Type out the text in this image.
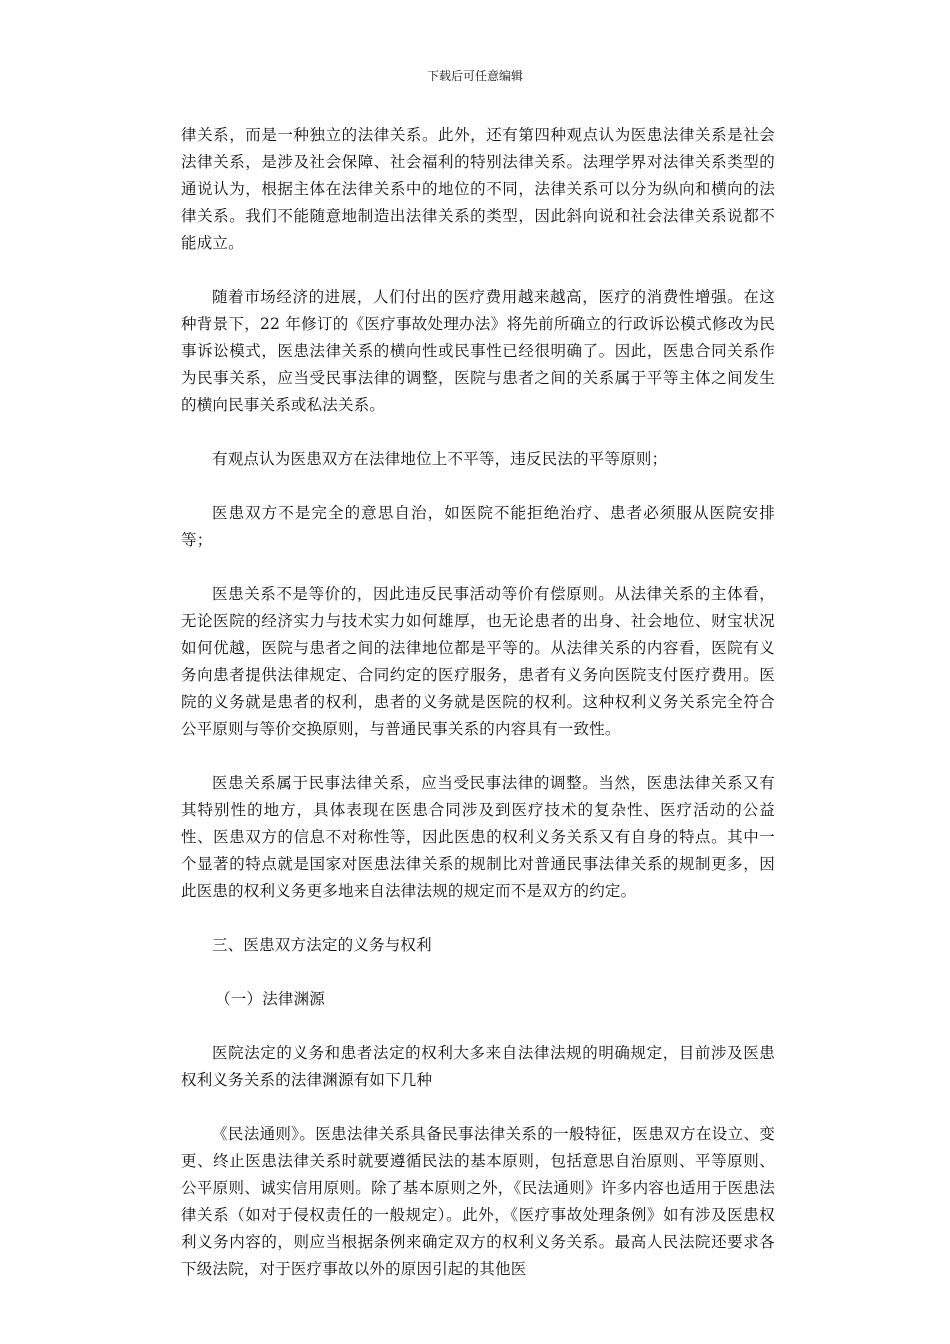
下载后可任意编辑

律关系，而是一种独立的法律关系。此外，还有第四种观点认为医患法律关系是社会法律关系，是涉及社会保障、社会福利的特别法律关系。法理学界对法律关系类型的通说认为，根据主体在法律关系中的地位的不同，法律关系可以分为纵向和横向的法律关系。我们不能随意地制造出法律关系的类型，因此斜向说和社会法律关系说都不能成立。

随着市场经济的进展，人们付出的医疗费用越来越高，医疗的消费性增强。在这种背景下，22 年修订的《医疗事故处理办法》将先前所确立的行政诉讼模式修改为民事诉讼模式，医患法律关系的横向性或民事性已经很明确了。因此，医患合同关系作为民事关系，应当受民事法律的调整，医院与患者之间的关系属于平等主体之间发生的横向民事关系或私法关系。

有观点认为医患双方在法律地位上不平等，违反民法的平等原则；

医患双方不是完全的意思自治，如医院不能拒绝治疗、患者必须服从医院安排等；

医患关系不是等价的，因此违反民事活动等价有偿原则。从法律关系的主体看，无论医院的经济实力与技术实力如何雄厚，也无论患者的出身、社会地位、财宝状况如何优越，医院与患者之间的法律地位都是平等的。从法律关系的内容看，医院有义务向患者提供法律规定、合同约定的医疗服务，患者有义务向医院支付医疗费用。医院的义务就是患者的权利，患者的义务就是医院的权利。这种权利义务关系完全符合公平原则与等价交换原则，与普通民事关系的内容具有一致性。

医患关系属于民事法律关系，应当受民事法律的调整。当然，医患法律关系又有其特别性的地方，具体表现在医患合同涉及到医疗技术的复杂性、医疗活动的公益性、医患双方的信息不对称性等，因此医患的权利义务关系又有自身的特点。其中一个显著的特点就是国家对医患法律关系的规制比对普通民事法律关系的规制更多，因此医患的权利义务更多地来自法律法规的规定而不是双方的约定。

三、医患双方法定的义务与权利

（一）法律渊源

医院法定的义务和患者法定的权利大多来自法律法规的明确规定，目前涉及医患权利义务关系的法律渊源有如下几种

《民法通则》。医患法律关系具备民事法律关系的一般特征，医患双方在设立、变更、终止医患法律关系时就要遵循民法的基本原则，包括意思自治原则、平等原则、公平原则、诚实信用原则。除了基本原则之外，《民法通则》许多内容也适用于医患法律关系（如对于侵权责任的一般规定）。此外，《医疗事故处理条例》如有涉及医患权利义务内容的，则应当根据条例来确定双方的权利义务关系。最高人民法院还要求各下级法院，对于医疗事故以外的原因引起的其他医
